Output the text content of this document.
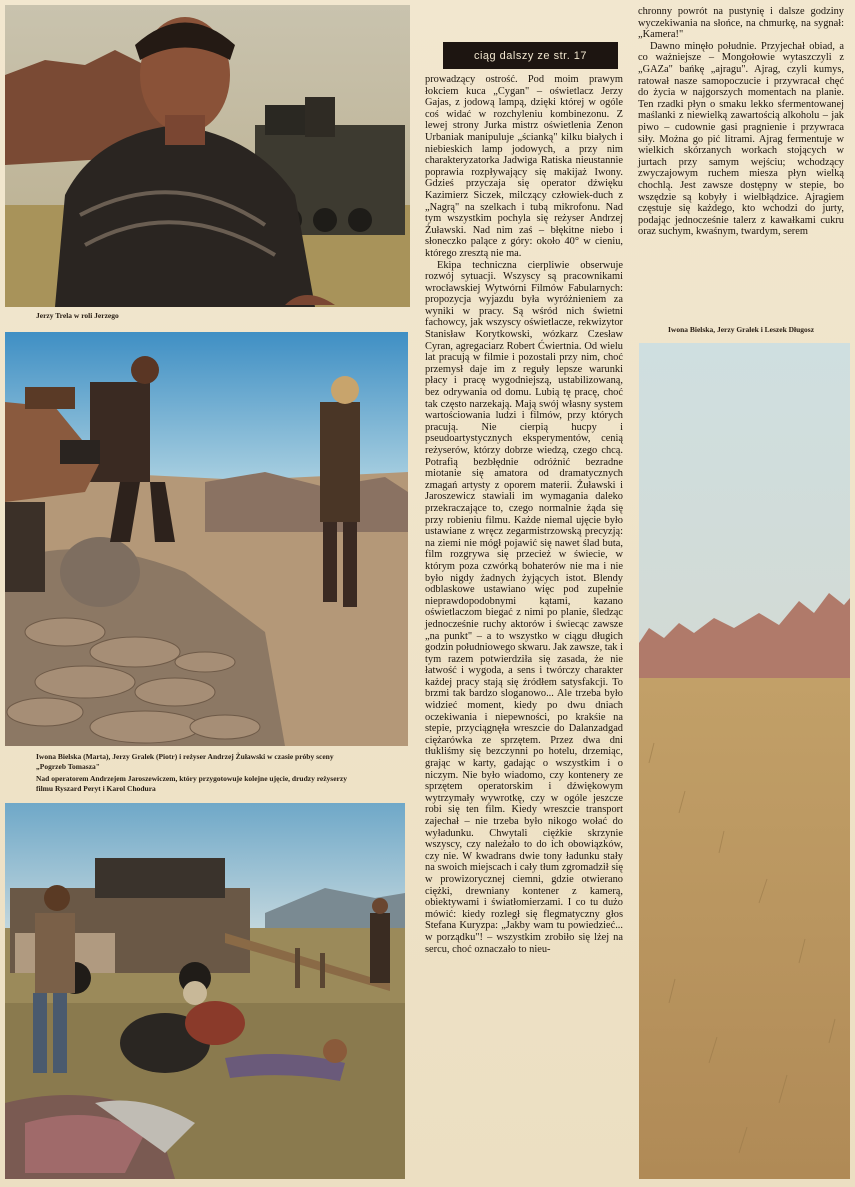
Jerzy Trela w roli Jerzego
Iwona Bielska (Marta), Jerzy Gralek (Piotr) i reżyser Andrzej Żuławski w czasie próby sceny
„Pogrzeb Tomasza"
Nad operatorem Andrzejem Jaroszewiczem, który przygotowuje kolejne ujęcie, drudzy reżyserzy
filmu Ryszard Peryt i Karol Chodura
ciąg dalszy ze str. 17

prowadzący ostrość. Pod moim prawym łokciem kuca „Cygan" – oświetlacz Jerzy Gajas, z jodową lampą, dzięki której w ogóle coś widać w rozchyleniu kombinezonu. Z lewej strony Jurka mistrz oświetlenia Zenon Urbaniak manipuluje „ścianką" kilku białych i niebieskich lamp jodowych, a przy nim charakteryzatorka Jadwiga Ratiska nieustannie poprawia rozpływający się makijaż Iwony. Gdzieś przyczaja się operator dźwięku Kazimierz Siczek, milczący człowiek-duch z „Nagrą" na szelkach i tubą mikrofonu. Nad tym wszystkim pochyla się reżyser Andrzej Żuławski. Nad nim zaś – błękitne niebo i słoneczko palące z góry: około 40° w cieniu, którego zresztą nie ma.

Ekipa techniczna cierpliwie obserwuje rozwój sytuacji. Wszyscy są pracownikami wrocławskiej Wytwórni Filmów Fabularnych: propozycja wyjazdu była wyróżnieniem za wyniki w pracy. Są wśród nich świetni fachowcy, jak wszyscy oświetlacze, rekwizytor Stanisław Korytkowski, wózkarz Czesław Cyran, agregaciarz Robert Ćwiertnia. Od wielu lat pracują w filmie i pozostali przy nim, choć przemysł daje im z reguły lepsze warunki płacy i pracę wygodniejszą, ustabilizowaną, bez odrywania od domu. Lubią tę pracę, choć tak często narzekają. Mają swój własny system wartościowania ludzi i filmów, przy których pracują. Nie cierpią hucpy i pseudoartystycznych eksperymentów, cenią reżyserów, którzy dobrze wiedzą, czego chcą. Potrafią bezbłędnie odróżnić bezradne miotanie się amatora od dramatycznych zmagań artysty z oporem materii. Żuławski i Jaroszewicz stawiali im wymagania daleko przekraczające to, czego normalnie żąda się przy robieniu filmu. Każde niemal ujęcie było ustawiane z wręcz zegarmistrzowską precyzją: na ziemi nie mógł pojawić się nawet ślad buta, film rozgrywa się przecież w świecie, w którym poza czwórką bohaterów nie ma i nie było nigdy żadnych żyjących istot. Blendy odblaskowe ustawiano więc pod zupełnie nieprawdopodobnymi kątami, kazano oświetlaczom biegać z nimi po planie, śledząc jednocześnie ruchy aktorów i świecąc zawsze „na punkt" – a to wszystko w ciągu długich godzin południowego skwaru. Jak zawsze, tak i tym razem potwierdziła się zasada, że nie łatwość i wygoda, a sens i twórczy charakter każdej pracy stają się źródłem satysfakcji. To brzmi tak bardzo sloganowo... Ale trzeba było widzieć moment, kiedy po dwu dniach oczekiwania i niepewności, po krakśie na stepie, przyciągnęła wreszcie do Dalanzadgad ciężarówka ze sprzętem. Przez dwa dni tłukliśmy się bezczynni po hotelu, drzemiąc, grając w karty, gadając o wszystkim i o niczym. Nie było wiadomo, czy kontenery ze sprzętem operatorskim i dźwiękowym wytrzymały wywrotkę, czy w ogóle jeszcze robi się ten film. Kiedy wreszcie transport zajechał – nie trzeba było nikogo wołać do wyładunku. Chwytali ciężkie skrzynie wszyscy, czy należało to do ich obowiązków, czy nie. W kwadrans dwie tony ładunku stały na swoich miejscach i cały tłum zgromadził się w prowizorycznej ciemni, gdzie otwierano ciężki, drewniany kontener z kamerą, obiektywami i światłomierzami. I co tu dużo mówić: kiedy rozległ się flegmatyczny głos Stefana Kuryzpa: „Jakby wam tu powiedzieć... w porządku"! – wszystkim zrobiło się lżej na sercu, choć oznaczało to nieu-

chronny powrót na pustynię i dalsze godziny wyczekiwania na słońce, na chmurkę, na sygnał: „Kamera!"

Dawno minęło południe. Przyjechał obiad, a co ważniejsze – Mongołowie wytaszczyli z „GAZa" bańkę „ajragu". Ajrag, czyli kumys, ratował nasze samopoczucie i przywracał chęć do życia w najgorszych momentach na planie. Ten rzadki płyn o smaku lekko sfermentowanej maślanki z niewielką zawartością alkoholu – jak piwo – cudownie gasi pragnienie i przywraca siły. Można go pić litrami. Ajrag fermentuje w wielkich skórzanych workach stojących w jurtach przy samym wejściu; wchodzący zwyczajowym ruchem miesza płyn wielką chochlą. Jest zawsze dostępny w stepie, bo wszędzie są kobyły i wielbłądzice. Ajragiem częstuje się każdego, kto wchodzi do jurty, podając jednocześnie talerz z kawałkami cukru oraz suchym, kwaśnym, twardym, serem

Iwona Bielska, Jerzy Gralek i Leszek Długosz
